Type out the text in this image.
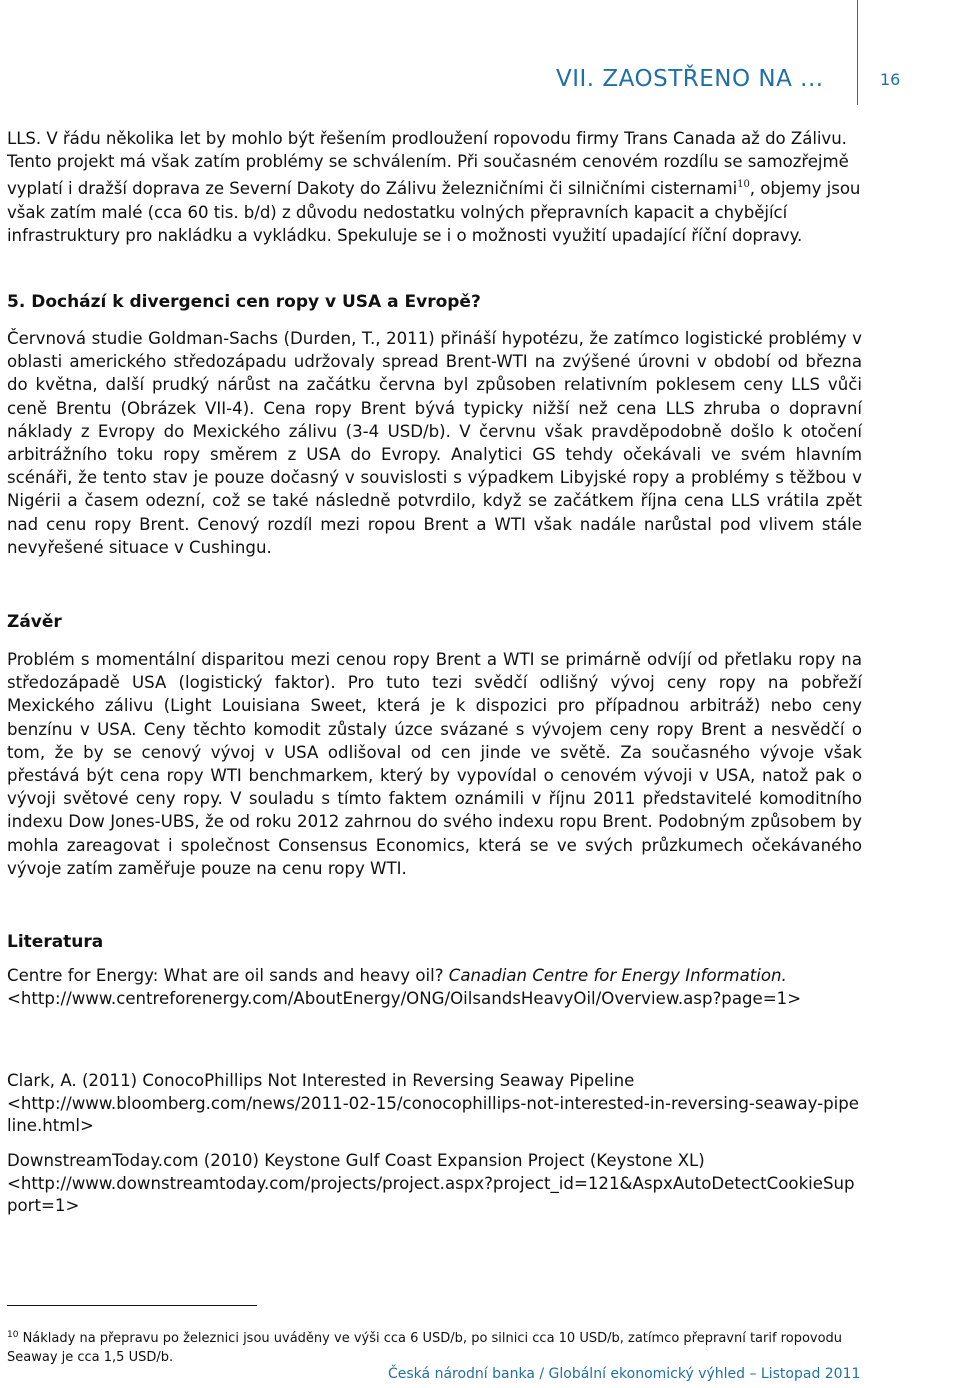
VII. ZAOSTŘENO NA ...	16

LLS. V řádu několika let by mohlo být řešením prodloužení ropovodu firmy Trans Canada až do Zálivu. Tento projekt má však zatím problémy se schválením. Při současném cenovém rozdílu se samozřejmě vyplatí i dražší doprava ze Severní Dakoty do Zálivu železničními či silničními cisternami$^{10}$, objemy jsou však zatím malé (cca 60 tis. b/d) z důvodu nedostatku volných přepravních kapacit a chybějící infrastruktury pro nakládku a vykládku. Spekuluje se i o možnosti využití upadající říční dopravy.

5. Dochází k divergenci cen ropy v USA a Evropě?

Červnová studie Goldman-Sachs (Durden, T., 2011) přináší hypotézu, že zatímco logistické problémy v oblasti amerického středozápadu udržovaly spread Brent-WTI na zvýšené úrovni v období od března do května, další prudký nárůst na začátku června byl způsoben relativním poklesem ceny LLS vůči ceně Brentu (Obrázek VII-4). Cena ropy Brent bývá typicky nižší než cena LLS zhruba o dopravní náklady z Evropy do Mexického zálivu (3-4 USD/b). V červnu však pravděpodobně došlo k otočení arbitrážního toku ropy směrem z USA do Evropy. Analytici GS tehdy očekávali ve svém hlavním scénáři, že tento stav je pouze dočasný v souvislosti s výpadkem Libyjské ropy a problémy s těžbou v Nigérii a časem odezní, což se také následně potvrdilo, když se začátkem října cena LLS vrátila zpět nad cenu ropy Brent. Cenový rozdíl mezi ropou Brent a WTI však nadále narůstal pod vlivem stále nevyřešené situace v Cushingu.

Závěr

Problém s momentální disparitou mezi cenou ropy Brent a WTI se primárně odvíjí od přetlaku ropy na středozápadě USA (logistický faktor). Pro tuto tezi svědčí odlišný vývoj ceny ropy na pobřeží Mexického zálivu (Light Louisiana Sweet, která je k dispozici pro případnou arbitráž) nebo ceny benzínu v USA. Ceny těchto komodit zůstaly úzce svázané s vývojem ceny ropy Brent a nesvědčí o tom, že by se cenový vývoj v USA odlišoval od cen jinde ve světě. Za současného vývoje však přestává být cena ropy WTI benchmarkem, který by vypovídal o cenovém vývoji v USA, natož pak o vývoji světové ceny ropy. V souladu s tímto faktem oznámili v říjnu 2011 představitelé komoditního indexu Dow Jones-UBS, že od roku 2012 zahrnou do svého indexu ropu Brent. Podobným způsobem by mohla zareagovat i společnost Consensus Economics, která se ve svých průzkumech očekávaného vývoje zatím zaměřuje pouze na cenu ropy WTI.

Literatura

Centre for Energy: What are oil sands and heavy oil? Canadian Centre for Energy Information.
<http://www.centreforenergy.com/AboutEnergy/ONG/OilsandsHeavyOil/Overview.asp?page=1>

Clark, A. (2011) ConocoPhillips Not Interested in Reversing Seaway Pipeline
<http://www.bloomberg.com/news/2011-02-15/conocophillips-not-interested-in-reversing-seaway-pipeline.html>

DownstreamToday.com (2010) Keystone Gulf Coast Expansion Project (Keystone XL)
<http://www.downstreamtoday.com/projects/project.aspx?project_id=121&AspxAutoDetectCookieSupport=1>

$^{10}$ Náklady na přepravu po železnici jsou uváděny ve výši cca 6 USD/b, po silnici cca 10 USD/b, zatímco přepravní tarif ropovodu Seaway je cca 1,5 USD/b.

Česká národní banka / Globální ekonomický výhled – Listopad 2011
